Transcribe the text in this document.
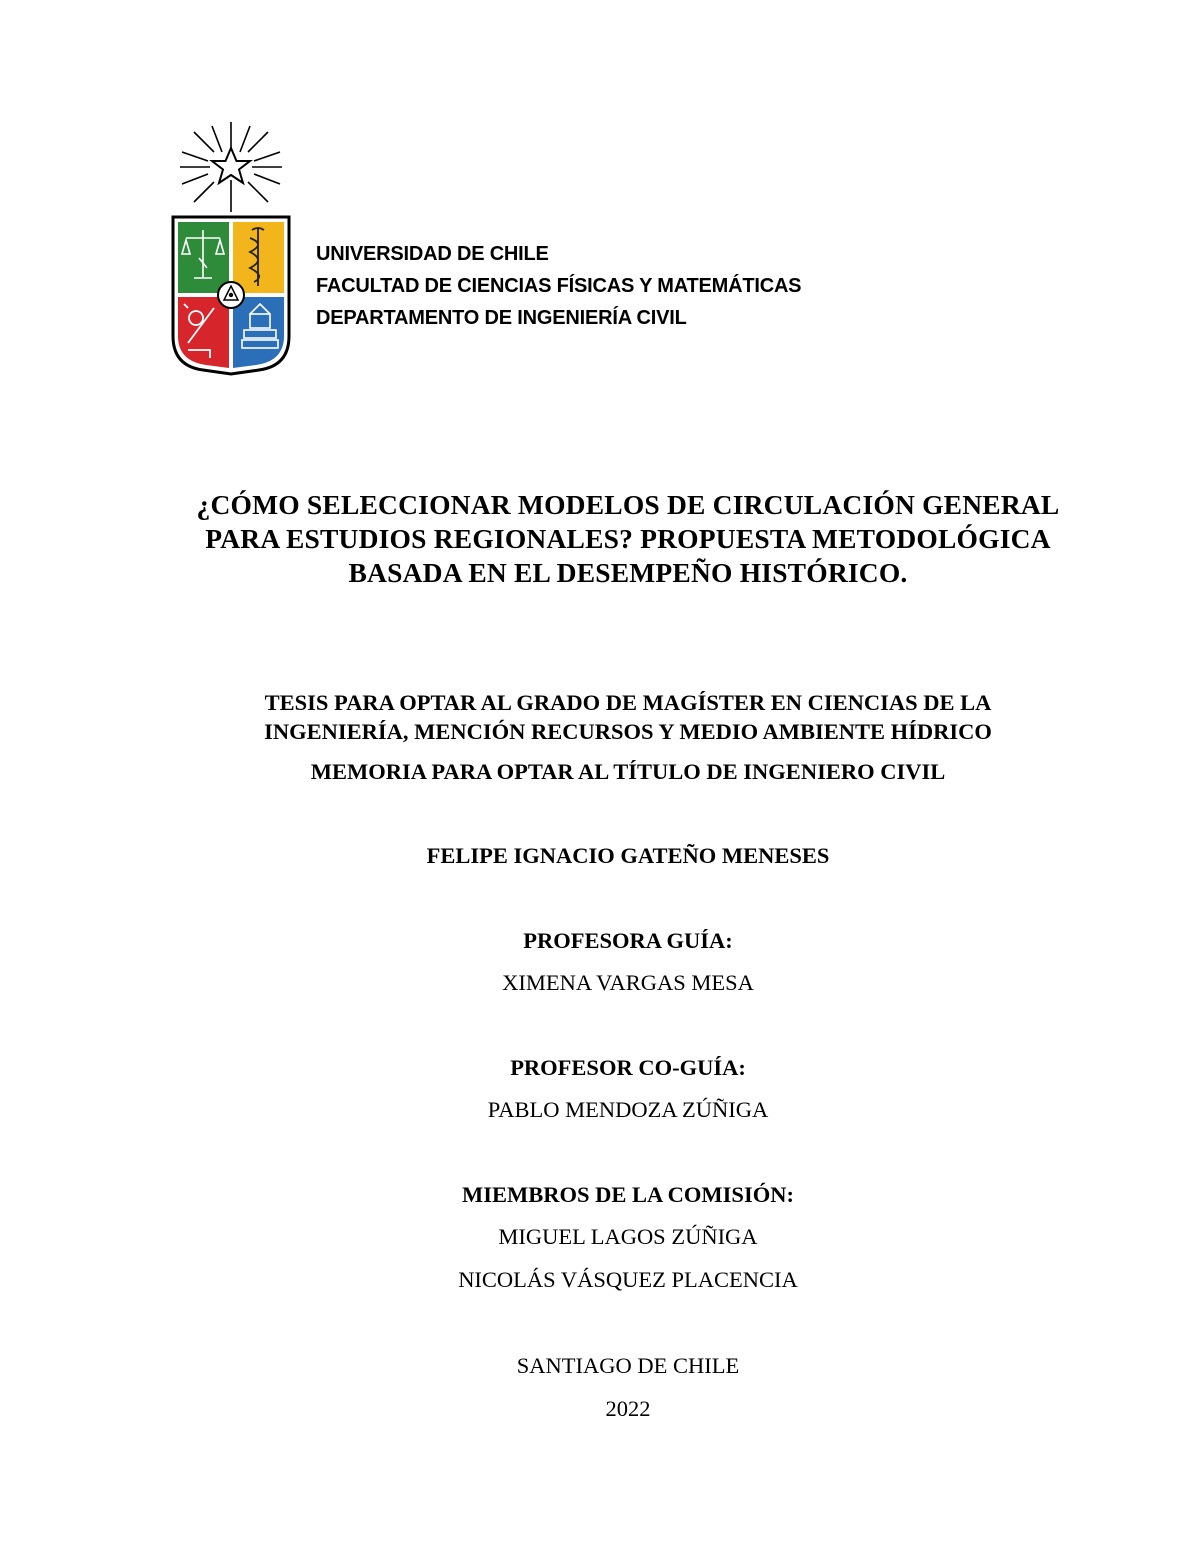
UNIVERSIDAD DE CHILE
FACULTAD DE CIENCIAS FÍSICAS Y MATEMÁTICAS
DEPARTAMENTO DE INGENIERÍA CIVIL
¿CÓMO SELECCIONAR MODELOS DE CIRCULACIÓN GENERAL
PARA ESTUDIOS REGIONALES? PROPUESTA METODOLÓGICA
BASADA EN EL DESEMPEÑO HISTÓRICO.
TESIS PARA OPTAR AL GRADO DE MAGÍSTER EN CIENCIAS DE LA
INGENIERÍA, MENCIÓN RECURSOS Y MEDIO AMBIENTE HÍDRICO
MEMORIA PARA OPTAR AL TÍTULO DE INGENIERO CIVIL
FELIPE IGNACIO GATEÑO MENESES
PROFESORA GUÍA:
XIMENA VARGAS MESA
PROFESOR CO-GUÍA:
PABLO MENDOZA ZÚÑIGA
MIEMBROS DE LA COMISIÓN:
MIGUEL LAGOS ZÚÑIGA
NICOLÁS VÁSQUEZ PLACENCIA
SANTIAGO DE CHILE
2022
